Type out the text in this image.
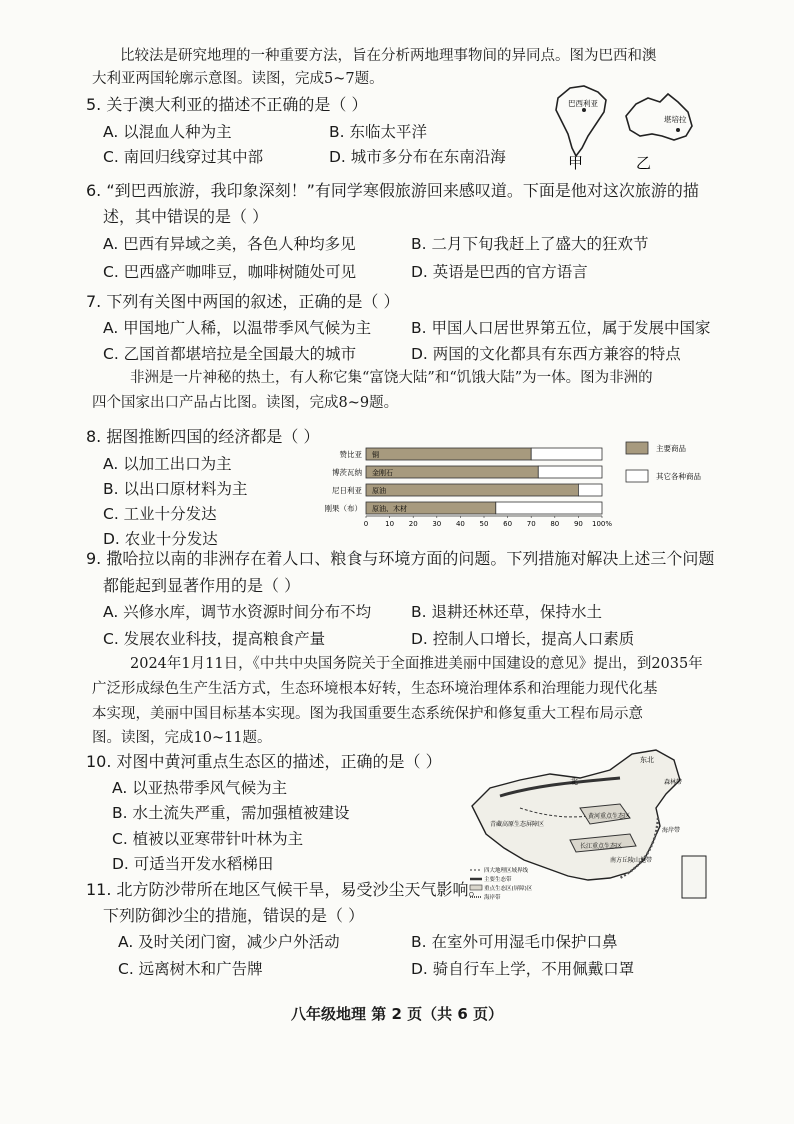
比较法是研究地理的一种重要方法，旨在分析两地理事物间的异同点。图为巴西和澳
大利亚两国轮廓示意图。读图，完成5~7题。
巴西利亚
堪培拉
甲	乙
5. 关于澳大利亚的描述不正确的是（ ）
A. 以混血人种为主	B. 东临太平洋
C. 南回归线穿过其中部	D. 城市多分布在东南沿海
6. “到巴西旅游，我印象深刻！”有同学寒假旅游回来感叹道。下面是他对这次旅游的描
述，其中错误的是（ ）
A. 巴西有异域之美，各色人种均多见	B. 二月下旬我赶上了盛大的狂欢节
C. 巴西盛产咖啡豆，咖啡树随处可见	D. 英语是巴西的官方语言
7. 下列有关图中两国的叙述，正确的是（ ）
A. 甲国地广人稀，以温带季风气候为主	B. 甲国人口居世界第五位，属于发展中国家
C. 乙国首都堪培拉是全国最大的城市	D. 两国的文化都具有东西方兼容的特点
非洲是一片神秘的热土，有人称它集“富饶大陆”和“饥饿大陆”为一体。图为非洲的
四个国家出口产品占比图。读图，完成8~9题。
8. 据图推断四国的经济都是（ ）
A. 以加工出口为主
B. 以出口原材料为主
C. 工业十分发达
D. 农业十分发达
赞比亚 铜
博茨瓦纳 金刚石
尼日利亚 原油
刚果（布） 原油、木材
0 10 20 30 40 50 60 70 80 90 100%
主要商品
其它各种商品
9. 撒哈拉以南的非洲存在着人口、粮食与环境方面的问题。下列措施对解决上述三个问题
都能起到显著作用的是（ ）
A. 兴修水库，调节水资源时间分布不均	B. 退耕还林还草，保持水土
C. 发展农业科技，提高粮食产量	D. 控制人口增长，提高人口素质
2024年1月11日，《中共中央国务院关于全面推进美丽中国建设的意见》提出，到2035年
广泛形成绿色生产生活方式，生态环境根本好转，生态环境治理体系和治理能力现代化基
本实现，美丽中国目标基本实现。图为我国重要生态系统保护和修复重大工程布局示意
图。读图，完成10~11题。
东北
森林带
北
青藏高原生态屏障区
黄河重点生态区
长江重点生态区
南方丘陵山地带
海岸带
四大地理区域界线
主要生态带
重点生态区(屏障)区
海岸带
10. 对图中黄河重点生态区的描述，正确的是（ ）
A. 以亚热带季风气候为主
B. 水土流失严重，需加强植被建设
C. 植被以亚寒带针叶林为主
D. 可适当开发水稻梯田
11. 北方防沙带所在地区气候干旱，易受沙尘天气影响。
下列防御沙尘的措施，错误的是（ ）
A. 及时关闭门窗，减少户外活动	B. 在室外可用湿毛巾保护口鼻
C. 远离树木和广告牌	D. 骑自行车上学，不用佩戴口罩
八年级地理 第 2 页（共 6 页）
